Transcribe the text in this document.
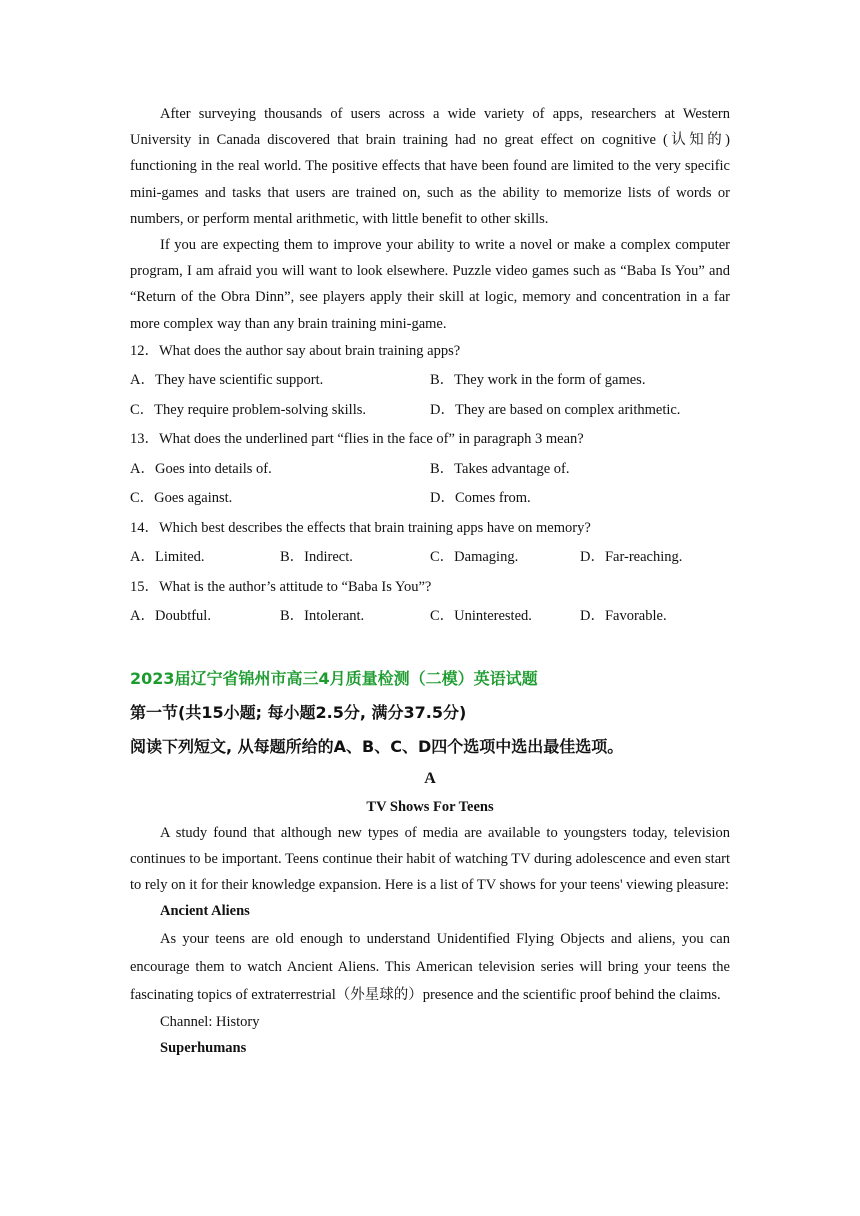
After surveying thousands of users across a wide variety of apps, researchers at Western University in Canada discovered that brain training had no great effect on cognitive (认知的) functioning in the real world. The positive effects that have been found are limited to the very specific mini-games and tasks that users are trained on, such as the ability to memorize lists of words or numbers, or perform mental arithmetic, with little benefit to other skills.

If you are expecting them to improve your ability to write a novel or make a complex computer program, I am afraid you will want to look elsewhere. Puzzle video games such as “Baba Is You” and “Return of the Obra Dinn”, see players apply their skill at logic, memory and concentration in a far more complex way than any brain training mini-game.

12．What does the author say about brain training apps?

A．They have scientific support.	B．They work in the form of games.
C．They require problem-solving skills.	D．They are based on complex arithmetic.

13．What does the underlined part “flies in the face of” in paragraph 3 mean?

A．Goes into details of.	B．Takes advantage of.
C．Goes against.	D．Comes from.

14．Which best describes the effects that brain training apps have on memory?

A．Limited.	B．Indirect.	C．Damaging.	D．Far-reaching.

15．What is the author’s attitude to “Baba Is You”?

A．Doubtful.	B．Intolerant.	C．Uninterested.	D．Favorable.

2023届辽宁省锦州市高三4月质量检测（二模）英语试题

第一节(共15小题; 每小题2.5分, 满分37.5分)

阅读下列短文, 从每题所给的A、B、C、D四个选项中选出最佳选项。

A

TV Shows For Teens

A study found that although new types of media are available to youngsters today, television continues to be important. Teens continue their habit of watching TV during adolescence and even start to rely on it for their knowledge expansion. Here is a list of TV shows for your teens' viewing pleasure:

Ancient Aliens

As your teens are old enough to understand Unidentified Flying Objects and aliens, you can encourage them to watch Ancient Aliens. This American television series will bring your teens the fascinating topics of extraterrestrial（外星球的）presence and the scientific proof behind the claims.

Channel: History

Superhumans
